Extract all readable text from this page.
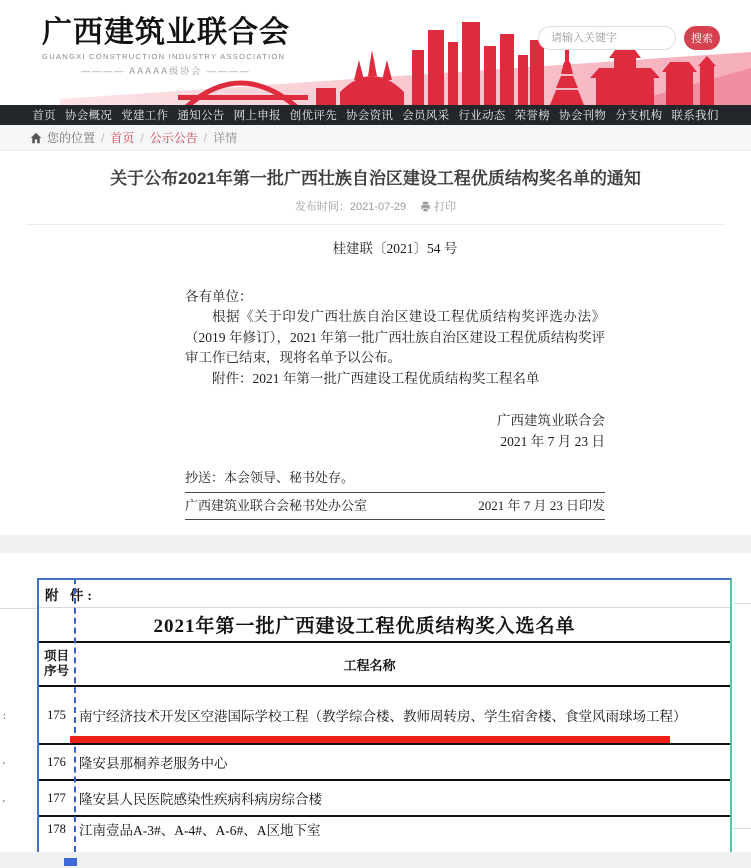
广西建筑业联合会
GUANGXI CONSTRUCTION INDUSTRY ASSOCIATION
———— AAAAA级协会 ————
请输入关键字
搜索
首页 协会概况 党建工作 通知公告 网上申报 创优评先 协会资讯 会员风采 行业动态 荣誉榜 协会刊物 分支机构 联系我们
您的位置 / 首页 / 公示公告 / 详情
关于公布2021年第一批广西壮族自治区建设工程优质结构奖名单的通知
发布时间：2021-07-29	打印
桂建联〔2021〕54 号
各有单位：
根据《关于印发广西壮族自治区建设工程优质结构奖评选办法》（2019 年修订），2021 年第一批广西壮族自治区建设工程优质结构奖评审工作已结束，现将名单予以公布。
附件：2021 年第一批广西建设工程优质结构奖工程名单
广西建筑业联合会
2021 年 7 月 23 日
抄送：本会领导、秘书处存。
广西建筑业联合会秘书处办公室	2021 年 7 月 23 日印发
:
'
'
附 件:
2021年第一批广西建设工程优质结构奖入选名单
项目序号	工程名称
175 南宁经济技术开发区空港国际学校工程（教学综合楼、教师周转房、学生宿舍楼、食堂风雨球场工程）
176 隆安县那桐养老服务中心
177 隆安县人民医院感染性疾病科病房综合楼
178 江南壹品A-3#、A-4#、A-6#、A区地下室
